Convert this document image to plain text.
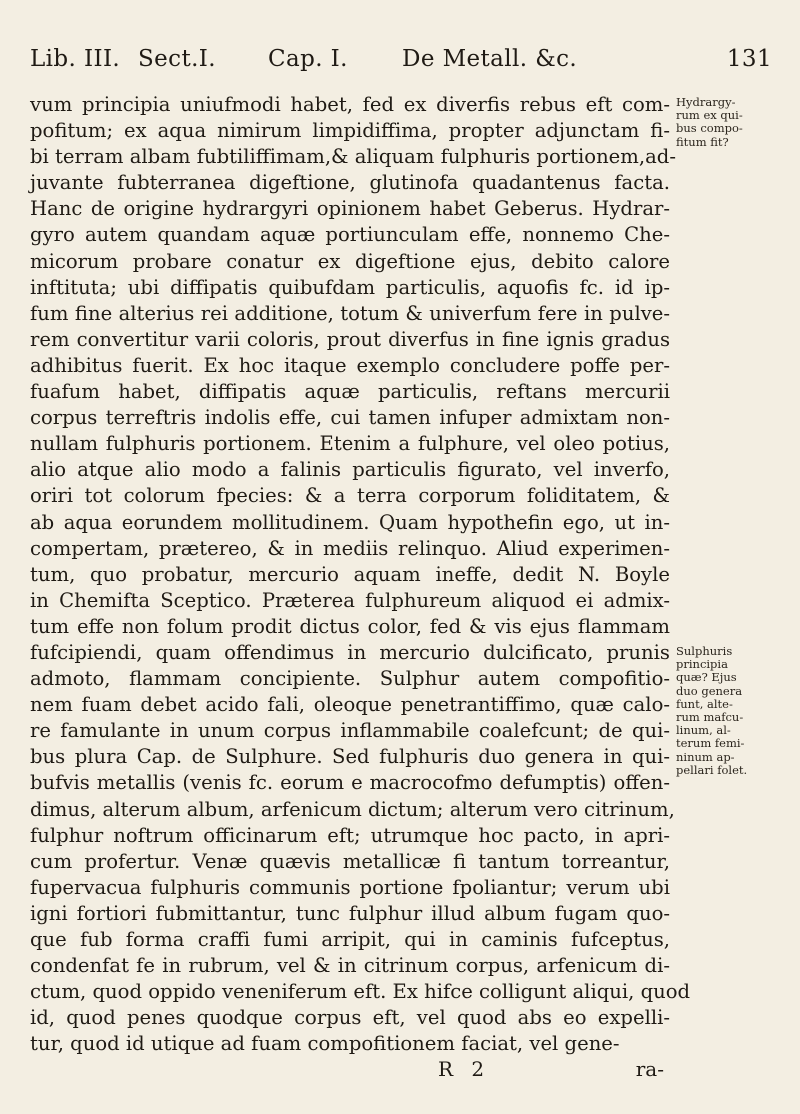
Lib. III. Sect.I. Cap. I. De Metall. &c.	131
vum principia uniufmodi habet, fed ex diverfis rebus eft com-
pofitum; ex aqua nimirum limpidiffima, propter adjunctam fi-
bi terram albam fubtiliffimam,& aliquam fulphuris portionem,ad-
juvante fubterranea digeftione, glutinofa quadantenus facta.
Hanc de origine hydrargyri opinionem habet Geberus. Hydrar-
gyro autem quandam aquæ portiunculam effe, nonnemo Che-
micorum probare conatur ex digeftione ejus, debito calore
inftituta; ubi diffipatis quibufdam particulis, aquofis fc. id ip-
fum fine alterius rei additione, totum & univerfum fere in pulve-
rem convertitur varii coloris, prout diverfus in fine ignis gradus
adhibitus fuerit. Ex hoc itaque exemplo concludere poffe per-
fuafum habet, diffipatis aquæ particulis, reftans mercurii
corpus terreftris indolis effe, cui tamen infuper admixtam non-
nullam fulphuris portionem. Etenim a fulphure, vel oleo potius,
alio atque alio modo a falinis particulis figurato, vel inverfo,
oriri tot colorum fpecies: & a terra corporum foliditatem, &
ab aqua eorundem mollitudinem. Quam hypothefin ego, ut in-
compertam, prætereo, & in mediis relinquo. Aliud experimen-
tum, quo probatur, mercurio aquam ineffe, dedit N. Boyle
in Chemifta Sceptico. Præterea fulphureum aliquod ei admix-
tum effe non folum prodit dictus color, fed & vis ejus flammam
fufcipiendi, quam offendimus in mercurio dulcificato, prunis
admoto, flammam concipiente. Sulphur autem compofitio-
nem fuam debet acido fali, oleoque penetrantiffimo, quæ calo-
re famulante in unum corpus inflammabile coalefcunt; de qui-
bus plura Cap. de Sulphure. Sed fulphuris duo genera in qui-
bufvis metallis (venis fc. eorum e macrocofmo defumptis) offen-
dimus, alterum album, arfenicum dictum; alterum vero citrinum,
fulphur noftrum officinarum eft; utrumque hoc pacto, in apri-
cum profertur. Venæ quævis metallicæ fi tantum torreantur,
fupervacua fulphuris communis portione fpoliantur; verum ubi
igni fortiori fubmittantur, tunc fulphur illud album fugam quo-
que fub forma craffi fumi arripit, qui in caminis fufceptus,
condenfat fe in rubrum, vel & in citrinum corpus, arfenicum di-
ctum, quod oppido veneniferum eft. Ex hifce colligunt aliqui, quod
id, quod penes quodque corpus eft, vel quod abs eo expelli-
tur, quod id utique ad fuam compofitionem faciat, vel gene-
Hydrargy-
rum ex qui-
bus compo-
fitum fit?
Sulphuris
principia
quæ? Ejus
duo genera
funt, alte-
rum mafcu-
linum, al-
terum femi-
ninum ap-
pellari folet.
R 2	ra-
